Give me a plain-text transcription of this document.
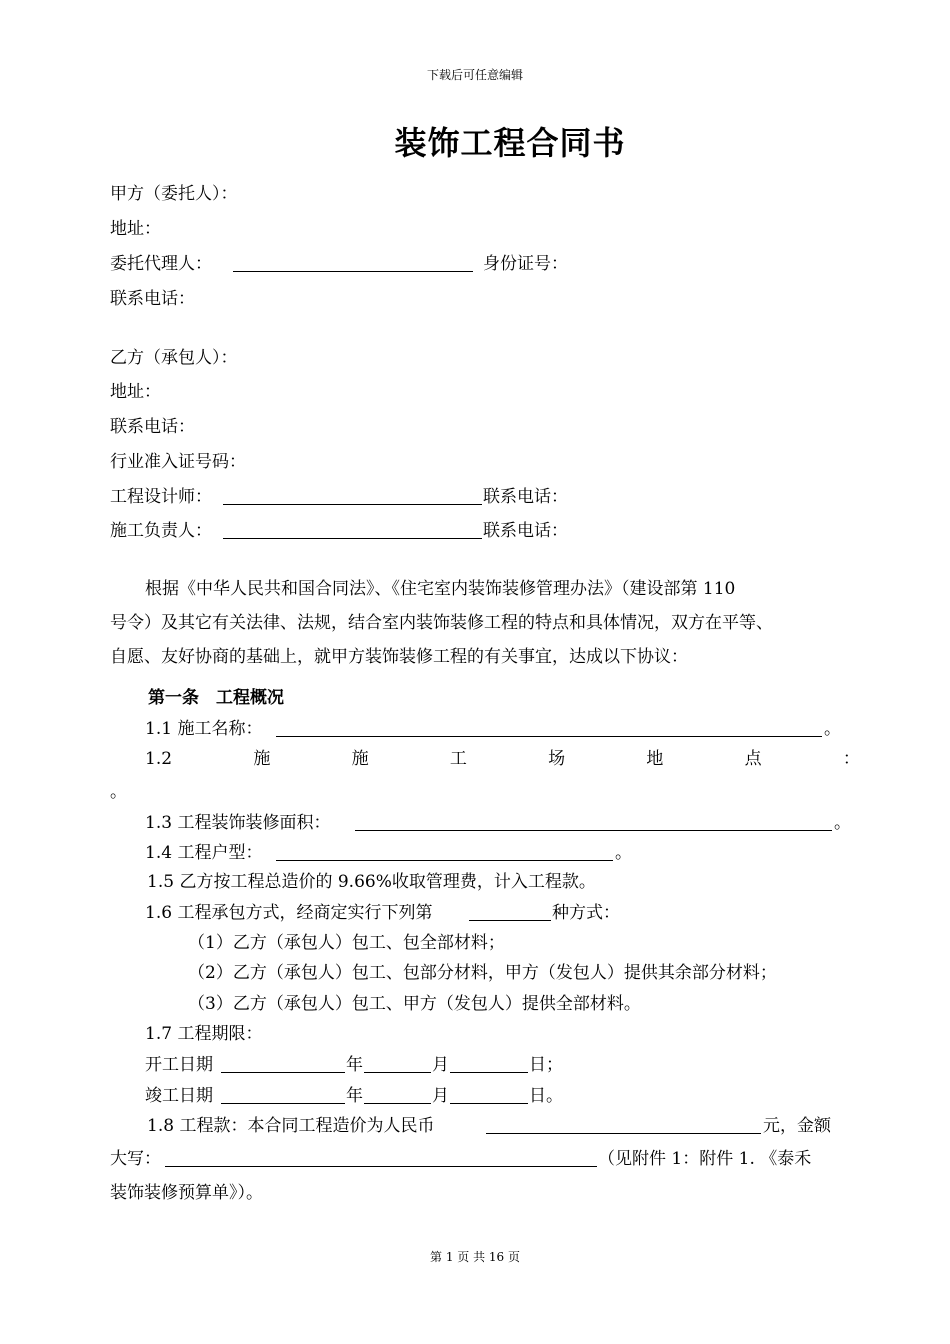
下载后可任意编辑
装饰工程合同书
甲方（委托人）：
地址：
委托代理人：	身份证号：
联系电话：
乙方（承包人）：
地址：
联系电话：
行业准入证号码：
工程设计师：	联系电话：
施工负责人：	联系电话：
根据《中华人民共和国合同法》、《住宅室内装饰装修管理办法》（建设部第 110
号令）及其它有关法律、法规，结合室内装饰装修工程的特点和具体情况，双方在平等、
自愿、友好协商的基础上，就甲方装饰装修工程的有关事宜，达成以下协议：
第一条　工程概况
1.1 施工名称：	。
1.2	施	施	工	场	地	点	：
。
1.3 工程装饰装修面积：	。
1.4 工程户型：	。
1.5 乙方按工程总造价的 9.66%收取管理费，计入工程款。
1.6 工程承包方式，经商定实行下列第	种方式：
（1）乙方（承包人）包工、包全部材料；
（2）乙方（承包人）包工、包部分材料，甲方（发包人）提供其余部分材料；
（3）乙方（承包人）包工、甲方（发包人）提供全部材料。
1.7 工程期限：
开工日期	年	月	日；
竣工日期	年	月	日。
1.8 工程款：本合同工程造价为人民币	元，金额
大写：	（见附件 1：附件 1. 《泰禾
装饰装修预算单》）。
第 1 页 共 16 页
